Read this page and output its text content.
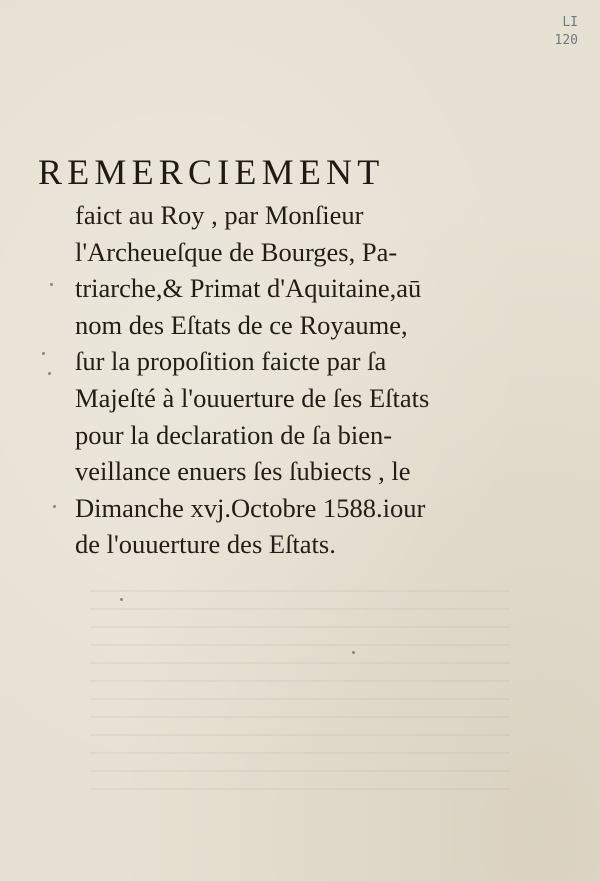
LI
120
REMERCIEMENT
faict au Roy , par Monſieur
l'Archeueſque de Bourges, Pa-
triarche,& Primat d'Aquitaine,aū
nom des Eſtats de ce Royaume,
ſur la propoſition faicte par ſa
Majeſté à l'ouuerture de ſes Eſtats
pour la declaration de ſa bien-
veillance enuers ſes ſubiects , le
Dimanche xvj.Octobre 1588.iour
de l'ouuerture des Eſtats.
